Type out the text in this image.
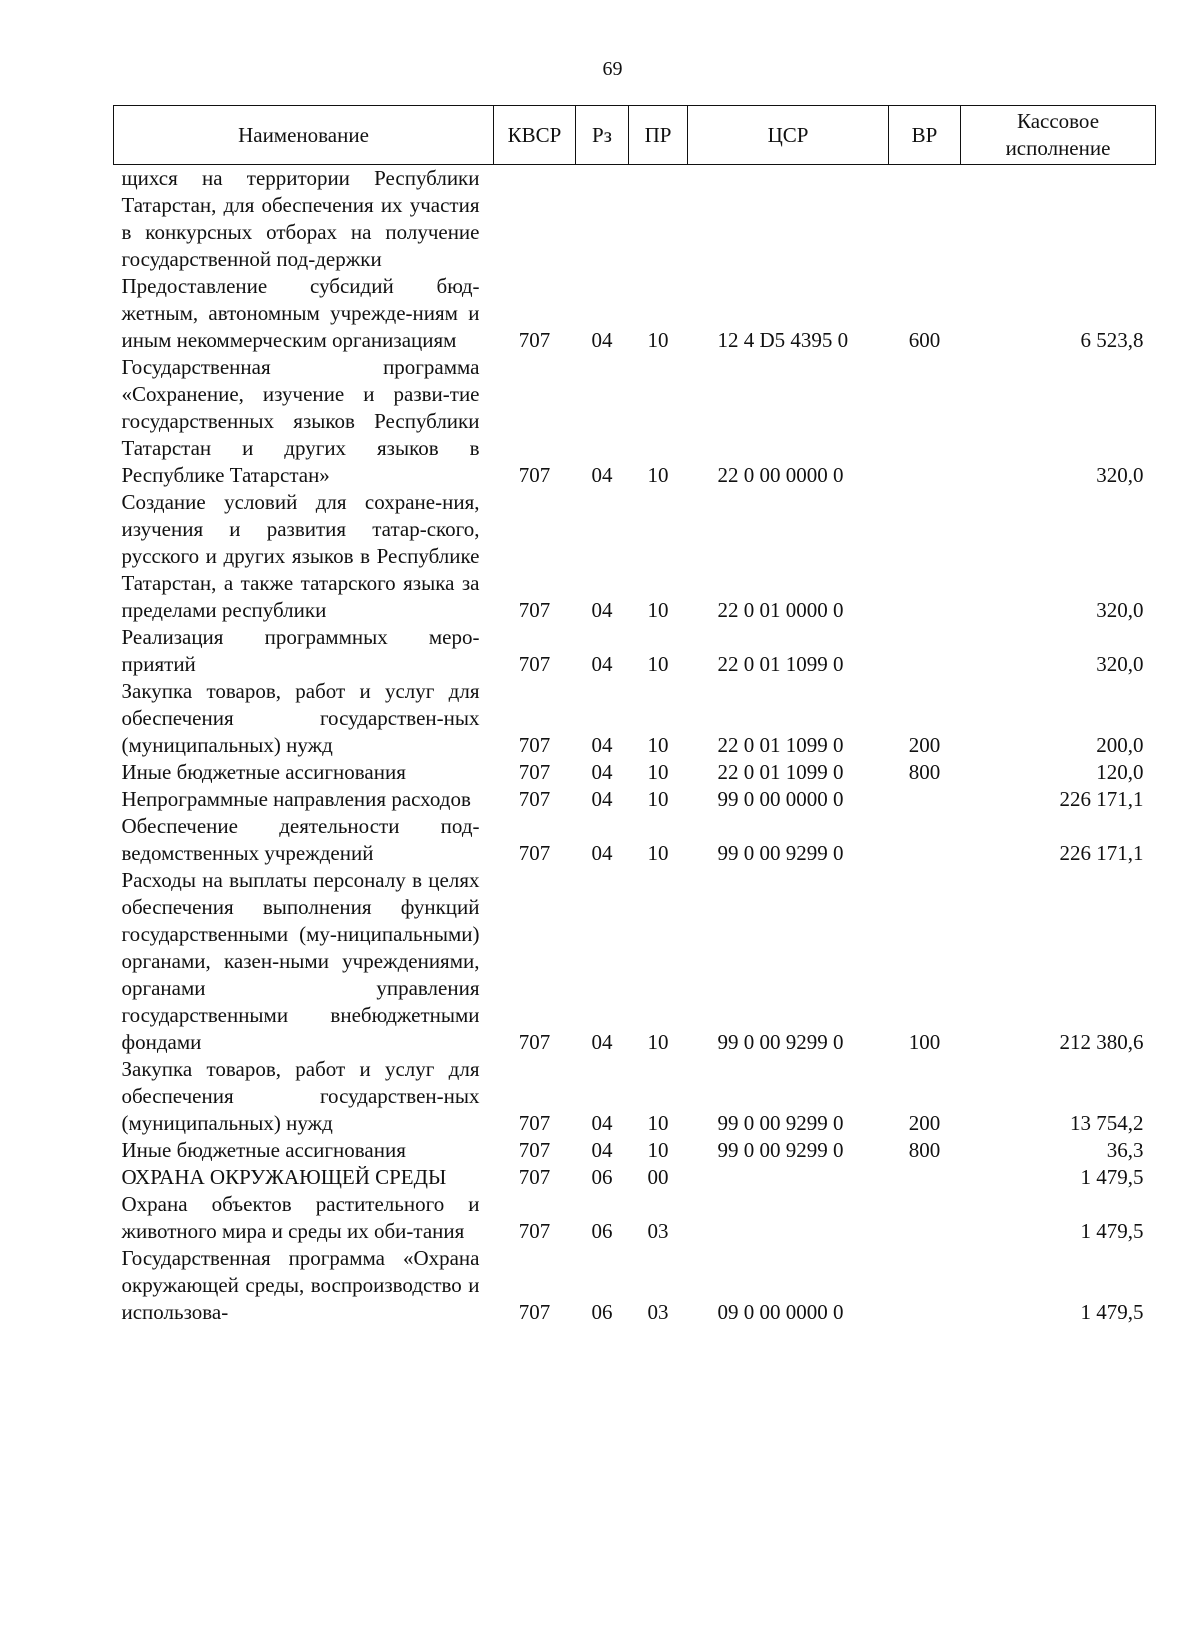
69
Наименование	КВСР	Рз	ПР	ЦСР	ВР	Кассовое исполнение
щихся на территории Республики Татарстан, для обеспечения их участия в конкурсных отборах на получение государственной под-держки						
Предоставление субсидий бюд-жетным, автономным учрежде-ниям и иным некоммерческим организациям	707	04	10	12 4 D5 4395 0	600	6 523,8
Государственная программа «Сохранение, изучение и разви-тие государственных языков Республики Татарстан и других языков в Республике Татарстан»	707	04	10	22 0 00 0000 0		320,0
Создание условий для сохране-ния, изучения и развития татар-ского, русского и других языков в Республике Татарстан, а также татарского языка за пределами республики	707	04	10	22 0 01 0000 0		320,0
Реализация программных меро-приятий	707	04	10	22 0 01 1099 0		320,0
Закупка товаров, работ и услуг для обеспечения государствен-ных (муниципальных) нужд	707	04	10	22 0 01 1099 0	200	200,0
Иные бюджетные ассигнования	707	04	10	22 0 01 1099 0	800	120,0
Непрограммные направления расходов	707	04	10	99 0 00 0000 0		226 171,1
Обеспечение деятельности под-ведомственных учреждений	707	04	10	99 0 00 9299 0		226 171,1
Расходы на выплаты персоналу в целях обеспечения выполнения функций государственными (му-ниципальными) органами, казен-ными учреждениями, органами управления государственными внебюджетными фондами	707	04	10	99 0 00 9299 0	100	212 380,6
Закупка товаров, работ и услуг для обеспечения государствен-ных (муниципальных) нужд	707	04	10	99 0 00 9299 0	200	13 754,2
Иные бюджетные ассигнования	707	04	10	99 0 00 9299 0	800	36,3
ОХРАНА ОКРУЖАЮЩЕЙ СРЕДЫ	707	06	00			1 479,5
Охрана объектов растительного и животного мира и среды их оби-тания	707	06	03			1 479,5
Государственная программа «Охрана окружающей среды, воспроизводство и использова-	707	06	03	09 0 00 0000 0		1 479,5
